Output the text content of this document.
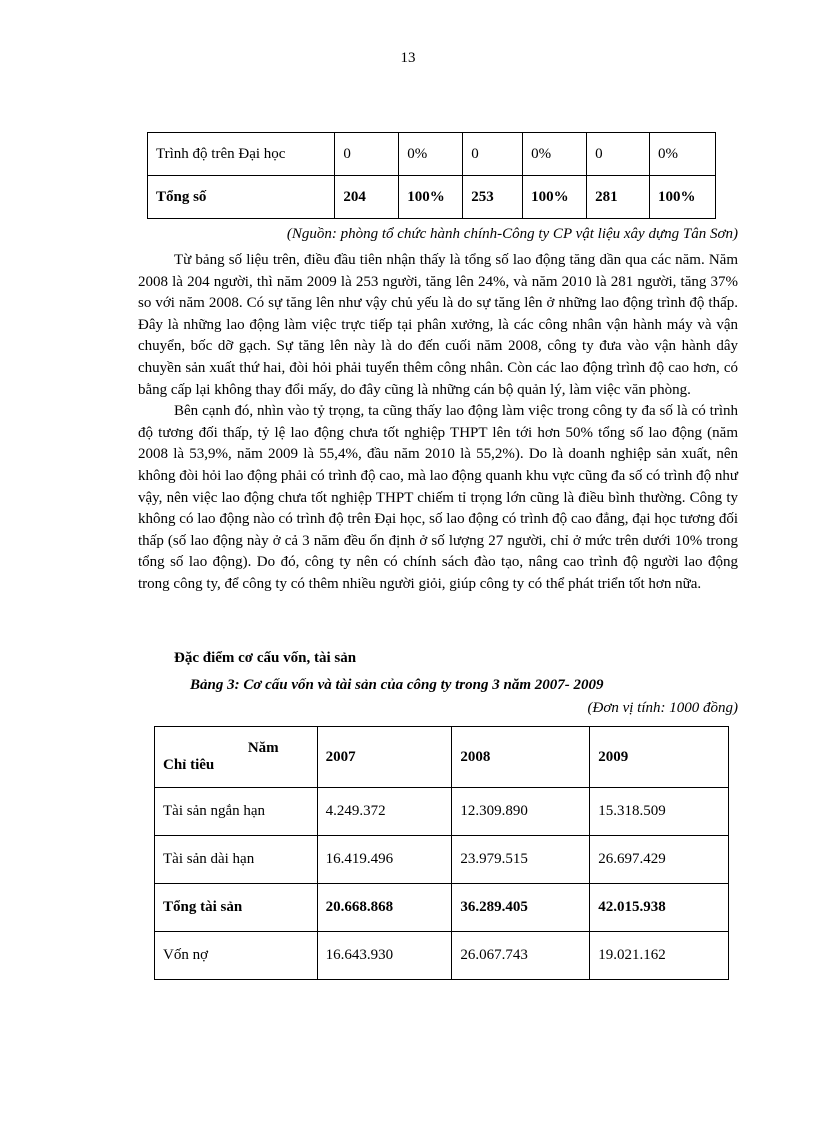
13
Trình độ trên Đại học	0	0%	0	0%	0	0%
Tổng số	204	100%	253	100%	281	100%
(Nguồn: phòng tổ chức hành chính-Công ty CP vật liệu xây dựng Tân Sơn)

Từ bảng số liệu trên, điều đầu tiên nhận thấy là tổng số lao động tăng dần qua các năm. Năm 2008 là 204 người, thì năm 2009 là 253 người, tăng lên 24%, và năm 2010 là 281 người, tăng 37% so với năm 2008. Có sự tăng lên như vậy chủ yếu là do sự tăng lên ở những lao động trình độ thấp. Đây là những lao động làm việc trực tiếp tại phân xưởng, là các công nhân vận hành máy và vận chuyển, bốc dỡ gạch. Sự tăng lên này là do đến cuối năm 2008, công ty đưa vào vận hành dây chuyền sản xuất thứ hai, đòi hỏi phải tuyển thêm công nhân. Còn các lao động trình độ cao hơn, có bằng cấp lại không thay đổi mấy, do đây cũng là những cán bộ quản lý, làm việc văn phòng.

Bên cạnh đó, nhìn vào tỷ trọng, ta cũng thấy lao động làm việc trong công ty đa số là có trình độ tương đối thấp, tỷ lệ lao động chưa tốt nghiệp THPT lên tới hơn 50% tổng số lao động (năm 2008 là 53,9%, năm 2009 là 55,4%, đầu năm 2010 là 55,2%). Do là doanh nghiệp sản xuất, nên không đòi hỏi lao động phải có trình độ cao, mà lao động quanh khu vực cũng đa số có trình độ như vậy, nên việc lao động chưa tốt nghiệp THPT chiếm tỉ trọng lớn cũng là điều bình thường. Công ty không có lao động nào có trình độ trên Đại học, số lao động có trình độ cao đẳng, đại học tương đối thấp (số lao động này ở cả 3 năm đều ổn định ở số lượng 27 người, chỉ ở mức trên dưới 10% trong tổng số lao động). Do đó, công ty nên có chính sách đào tạo, nâng cao trình độ người lao động trong công ty, để công ty có thêm nhiều người giỏi, giúp công ty có thể phát triển tốt hơn nữa.

Đặc điểm cơ cấu vốn, tài sản
Bảng 3: Cơ cấu vốn và tài sản của công ty trong 3 năm 2007- 2009
(Đơn vị tính: 1000 đồng)
Năm
Chỉ tiêu	2007	2008	2009
Tài sản ngắn hạn	4.249.372	12.309.890	15.318.509
Tài sản dài hạn	16.419.496	23.979.515	26.697.429
Tổng tài sản	20.668.868	36.289.405	42.015.938
Vốn nợ	16.643.930	26.067.743	19.021.162
